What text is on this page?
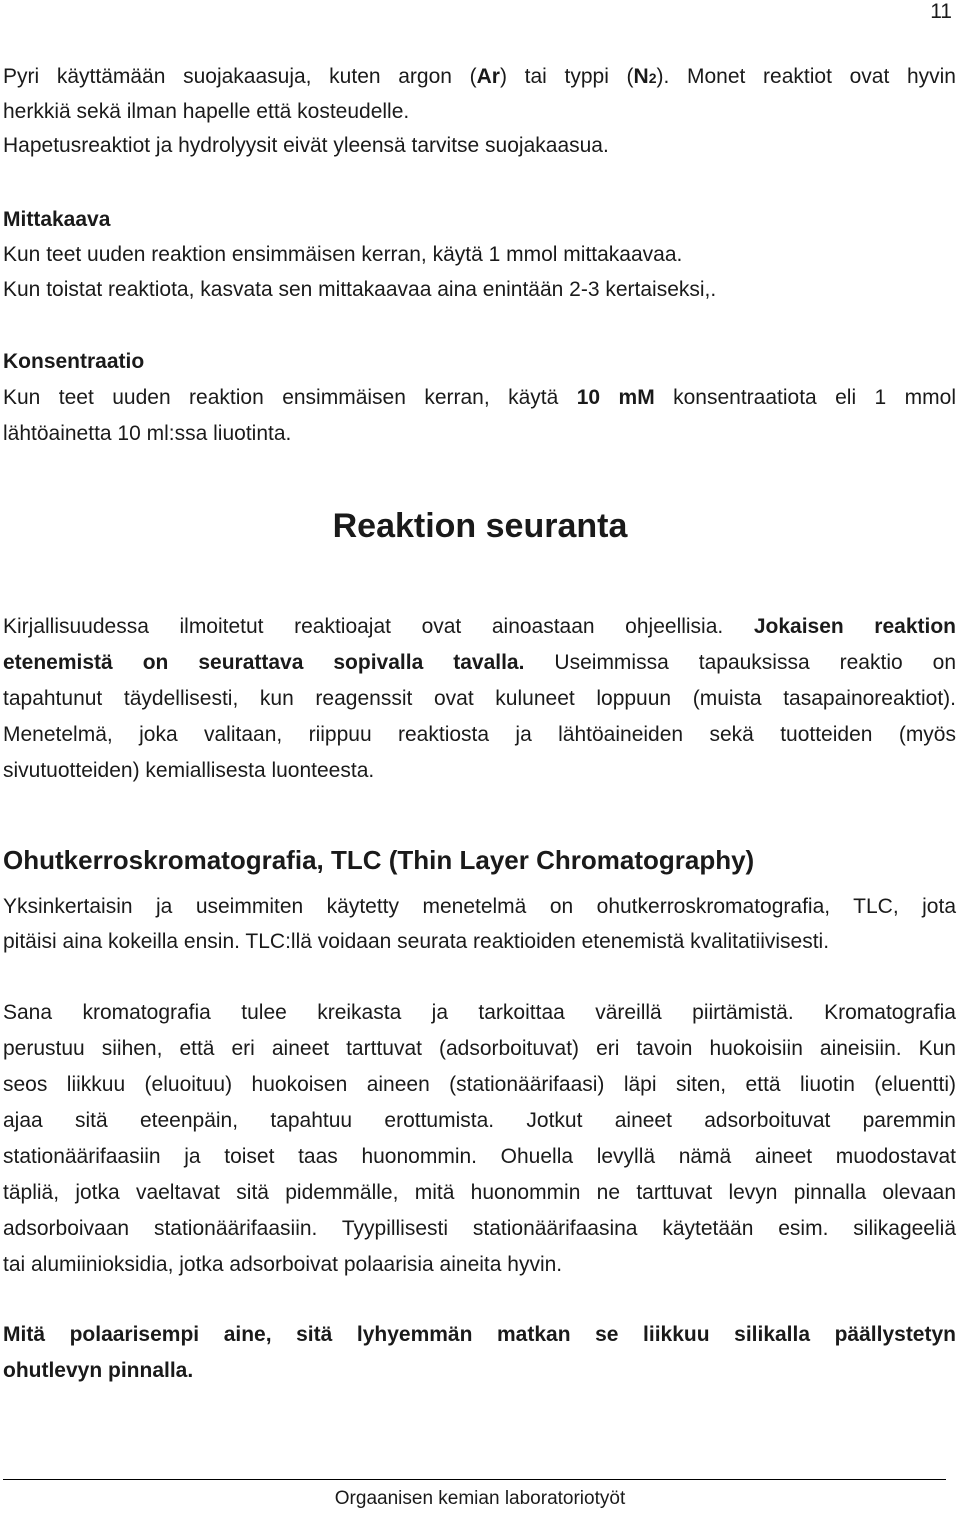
11
Pyri käyttämään suojakaasuja, kuten argon (Ar) tai typpi (N2). Monet reaktiot ovat hyvin
herkkiä sekä ilman hapelle että kosteudelle.
Hapetusreaktiot ja hydrolyysit eivät yleensä tarvitse suojakaasua.
Mittakaava
Kun teet uuden reaktion ensimmäisen kerran, käytä 1 mmol mittakaavaa.
Kun toistat reaktiota, kasvata sen mittakaavaa aina enintään 2-3 kertaiseksi,.
Konsentraatio
Kun teet uuden reaktion ensimmäisen kerran, käytä 10 mM konsentraatiota eli 1 mmol
lähtöainetta 10 ml:ssa liuotinta.
Reaktion seuranta
Kirjallisuudessa ilmoitetut reaktioajat ovat ainoastaan ohjeellisia. Jokaisen reaktion
etenemistä on seurattava sopivalla tavalla. Useimmissa tapauksissa reaktio on
tapahtunut täydellisesti, kun reagenssit ovat kuluneet loppuun (muista tasapainoreaktiot).
Menetelmä, joka valitaan, riippuu reaktiosta ja lähtöaineiden sekä tuotteiden (myös
sivutuotteiden) kemiallisesta luonteesta.
Ohutkerroskromatografia, TLC (Thin Layer Chromatography)
Yksinkertaisin ja useimmiten käytetty menetelmä on ohutkerroskromatografia, TLC, jota
pitäisi aina kokeilla ensin. TLC:llä voidaan seurata reaktioiden etenemistä kvalitatiivisesti.
Sana kromatografia tulee kreikasta ja tarkoittaa väreillä piirtämistä. Kromatografia
perustuu siihen, että eri aineet tarttuvat (adsorboituvat) eri tavoin huokoisiin aineisiin. Kun
seos liikkuu (eluoituu) huokoisen aineen (stationäärifaasi) läpi siten, että liuotin (eluentti)
ajaa sitä eteenpäin, tapahtuu erottumista. Jotkut aineet adsorboituvat paremmin
stationäärifaasiin ja toiset taas huonommin. Ohuella levyllä nämä aineet muodostavat
täpliä, jotka vaeltavat sitä pidemmälle, mitä huonommin ne tarttuvat levyn pinnalla olevaan
adsorboivaan stationäärifaasiin. Tyypillisesti stationäärifaasina käytetään esim. silikageeliä
tai alumiinioksidia, jotka adsorboivat polaarisia aineita hyvin.
Mitä polaarisempi aine, sitä lyhyemmän matkan se liikkuu silikalla päällystetyn
ohutlevyn pinnalla.
Orgaanisen kemian laboratoriotyöt
